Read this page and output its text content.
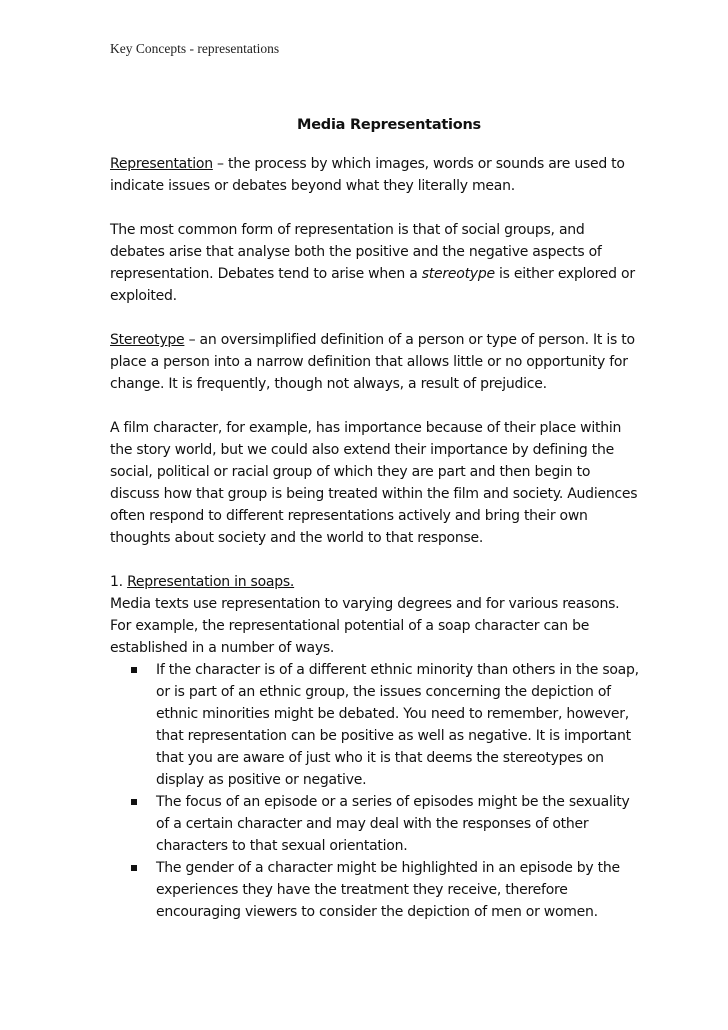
Key Concepts - representations
Media Representations

Representation – the process by which images, words or sounds are used to indicate issues or debates beyond what they literally mean.

The most common form of representation is that of social groups, and debates arise that analyse both the positive and the negative aspects of representation. Debates tend to arise when a stereotype is either explored or exploited.

Stereotype – an oversimplified definition of a person or type of person. It is to place a person into a narrow definition that allows little or no opportunity for change. It is frequently, though not always, a result of prejudice.

A film character, for example, has importance because of their place within the story world, but we could also extend their importance by defining the social, political or racial group of which they are part and then begin to discuss how that group is being treated within the film and society. Audiences often respond to different representations actively and bring their own thoughts about society and the world to that response.

1. Representation in soaps.
Media texts use representation to varying degrees and for various reasons. For example, the representational potential of a soap character can be established in a number of ways.
If the character is of a different ethnic minority than others in the soap, or is part of an ethnic group, the issues concerning the depiction of ethnic minorities might be debated. You need to remember, however, that representation can be positive as well as negative. It is important that you are aware of just who it is that deems the stereotypes on display as positive or negative.
The focus of an episode or a series of episodes might be the sexuality of a certain character and may deal with the responses of other characters to that sexual orientation.
The gender of a character might be highlighted in an episode by the experiences they have the treatment they receive, therefore encouraging viewers to consider the depiction of men or women.
